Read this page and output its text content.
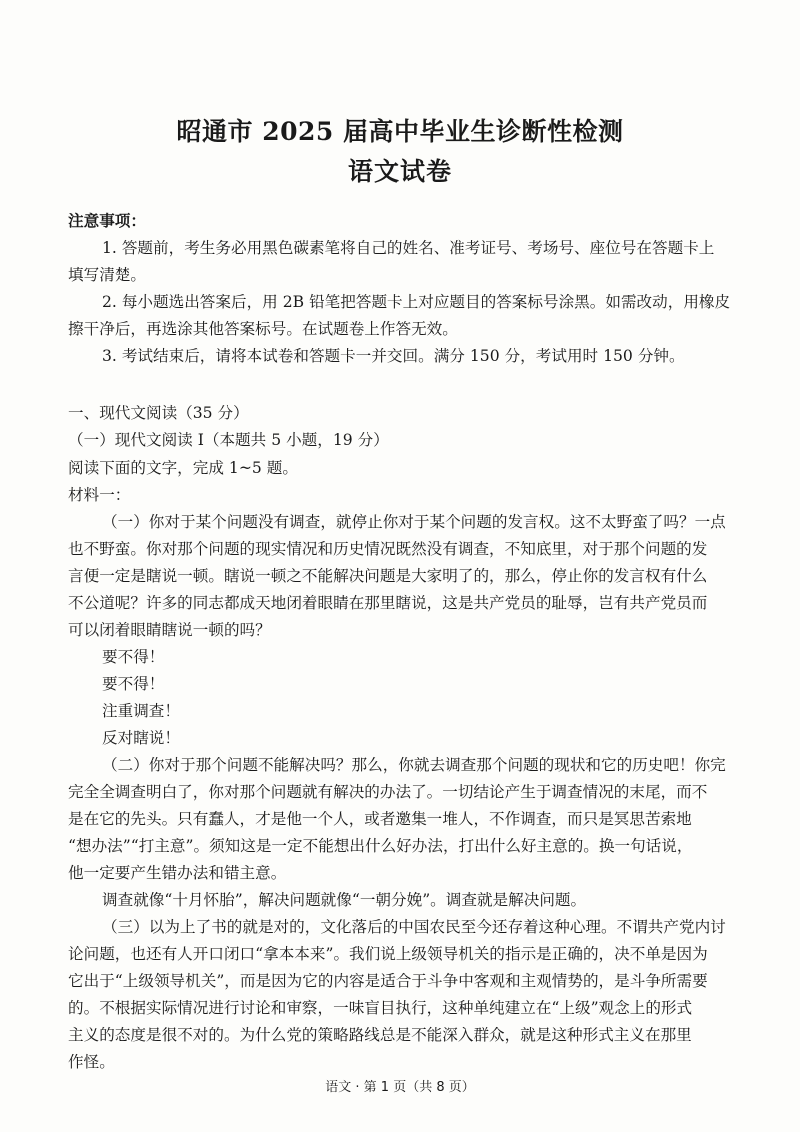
昭通市 2025 届高中毕业生诊断性检测
语文试卷
注意事项：
1. 答题前，考生务必用黑色碳素笔将自己的姓名、准考证号、考场号、座位号在答题卡上
填写清楚。
2. 每小题选出答案后，用 2B 铅笔把答题卡上对应题目的答案标号涂黑。如需改动，用橡皮
擦干净后，再选涂其他答案标号。在试题卷上作答无效。
3. 考试结束后，请将本试卷和答题卡一并交回。满分 150 分，考试用时 150 分钟。
一、现代文阅读（35 分）
（一）现代文阅读 I（本题共 5 小题，19 分）
阅读下面的文字，完成 1~5 题。
材料一：
（一）你对于某个问题没有调查，就停止你对于某个问题的发言权。这不太野蛮了吗？一点
也不野蛮。你对那个问题的现实情况和历史情况既然没有调查，不知底里，对于那个问题的发
言便一定是瞎说一顿。瞎说一顿之不能解决问题是大家明了的，那么，停止你的发言权有什么
不公道呢？许多的同志都成天地闭着眼睛在那里瞎说，这是共产党员的耻辱，岂有共产党员而
可以闭着眼睛瞎说一顿的吗？
要不得！
要不得！
注重调查！
反对瞎说！
（二）你对于那个问题不能解决吗？那么，你就去调查那个问题的现状和它的历史吧！你完
完全全调查明白了，你对那个问题就有解决的办法了。一切结论产生于调查情况的末尾，而不
是在它的先头。只有蠢人，才是他一个人，或者邀集一堆人，不作调查，而只是冥思苦索地
“想办法”“打主意”。须知这是一定不能想出什么好办法，打出什么好主意的。换一句话说，
他一定要产生错办法和错主意。
调查就像“十月怀胎”，解决问题就像“一朝分娩”。调查就是解决问题。
（三）以为上了书的就是对的，文化落后的中国农民至今还存着这种心理。不谓共产党内讨
论问题，也还有人开口闭口“拿本本来”。我们说上级领导机关的指示是正确的，决不单是因为
它出于“上级领导机关”，而是因为它的内容是适合于斗争中客观和主观情势的，是斗争所需要
的。不根据实际情况进行讨论和审察，一味盲目执行，这种单纯建立在“上级”观念上的形式
主义的态度是很不对的。为什么党的策略路线总是不能深入群众，就是这种形式主义在那里
作怪。
语文 · 第 1 页（共 8 页）
